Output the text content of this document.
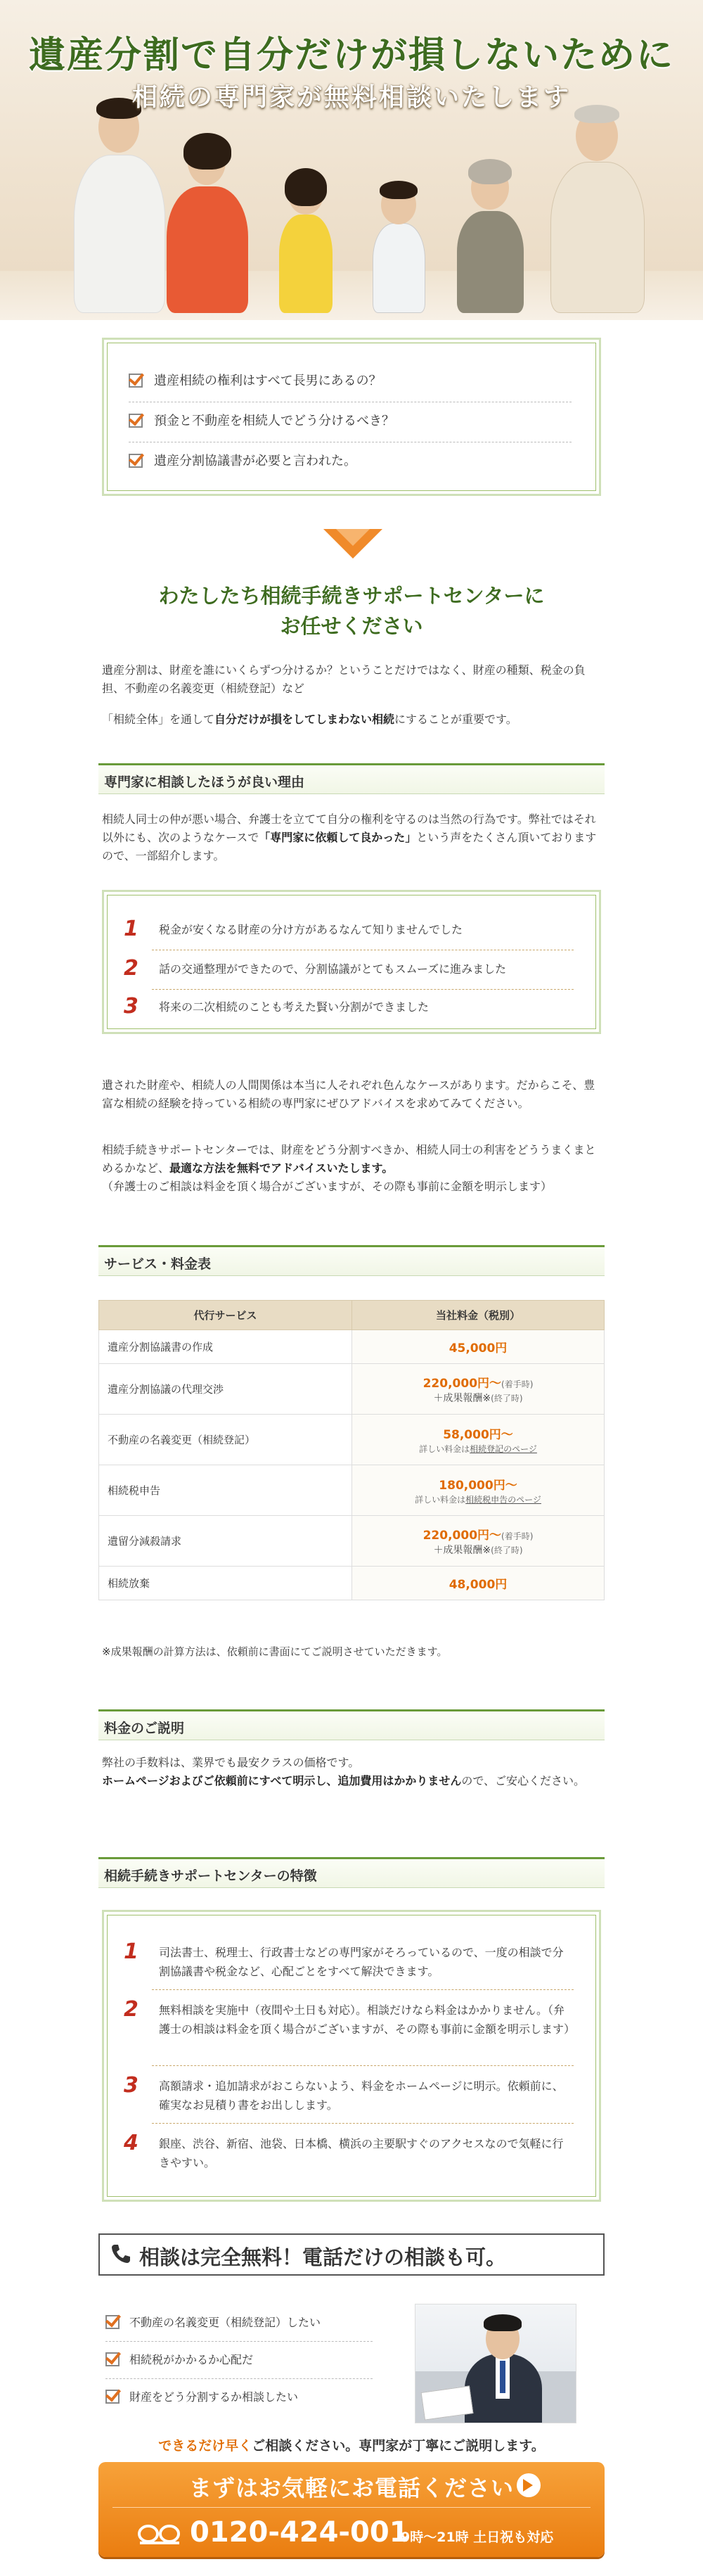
遺産分割で自分だけが損しないために
相続の専門家が無料相談いたします
遺産相続の権利はすべて長男にあるの？
預金と不動産を相続人でどう分けるべき？
遺産分割協議書が必要と言われた。
わたしたち相続手続きサポートセンターに
お任せください
遺産分割は、財産を誰にいくらずつ分けるか？ということだけではなく、財産の種類、税金の負担、不動産の名義変更（相続登記）など
「相続全体」を通して自分だけが損をしてしまわない相続にすることが重要です。
専門家に相談したほうが良い理由
相続人同士の仲が悪い場合、弁護士を立てて自分の権利を守るのは当然の行為です。弊社ではそれ以外にも、次のようなケースで「専門家に依頼して良かった」という声をたくさん頂いておりますので、一部紹介します。
1 税金が安くなる財産の分け方があるなんて知りませんでした
2 話の交通整理ができたので、分割協議がとてもスムーズに進みました
3 将来の二次相続のことも考えた賢い分割ができました
遺された財産や、相続人の人間関係は本当に人それぞれ色んなケースがあります。だからこそ、豊富な相続の経験を持っている相続の専門家にぜひアドバイスを求めてみてください。
相続手続きサポートセンターでは、財産をどう分割すべきか、相続人同士の利害をどううまくまとめるかなど、最適な方法を無料でアドバイスいたします。
（弁護士のご相談は料金を頂く場合がございますが、その際も事前に金額を明示します）
サービス・料金表
代行サービス	当社料金（税別）
遺産分割協議書の作成	45,000円
遺産分割協議の代理交渉	220,000円〜(着手時)
＋成果報酬※(終了時)
不動産の名義変更（相続登記）	58,000円〜
詳しい料金は相続登記のページ
相続税申告	180,000円〜
詳しい料金は相続税申告のページ
遺留分減殺請求	220,000円〜(着手時)
＋成果報酬※(終了時)
相続放棄	48,000円
※成果報酬の計算方法は、依頼前に書面にてご説明させていただきます。
料金のご説明
弊社の手数料は、業界でも最安クラスの価格です。
ホームページおよびご依頼前にすべて明示し、追加費用はかかりませんので、ご安心ください。
相続手続きサポートセンターの特徴
1 司法書士、税理士、行政書士などの専門家がそろっているので、一度の相談で分割協議書や税金など、心配ごとをすべて解決できます。
2 無料相談を実施中（夜間や土日も対応）。相談だけなら料金はかかりません。（弁護士の相談は料金を頂く場合がございますが、その際も事前に金額を明示します）
3 高額請求・追加請求がおこらないよう、料金をホームページに明示。依頼前に、確実なお見積り書をお出しします。
4 銀座、渋谷、新宿、池袋、日本橋、横浜の主要駅すぐのアクセスなので気軽に行きやすい。
相談は完全無料！電話だけの相談も可。
不動産の名義変更（相続登記）したい
相続税がかかるか心配だ
財産をどう分割するか相談したい
できるだけ早くご相談ください。専門家が丁寧にご説明します。
まずはお気軽にお電話ください
0120-424-001
9時〜21時 土日祝も対応
